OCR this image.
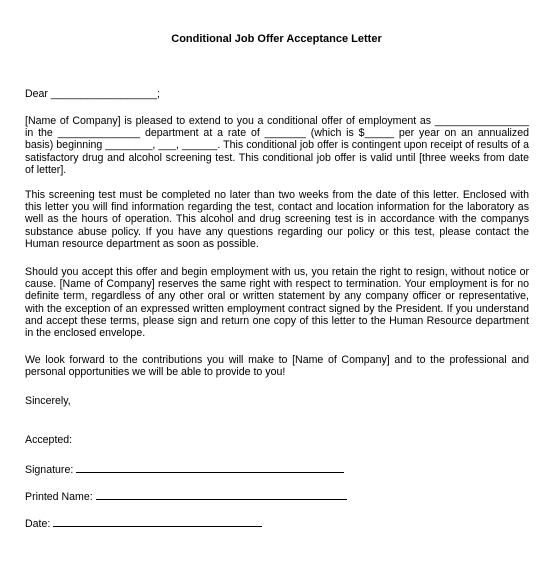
Conditional Job Offer Acceptance Letter
Dear __________________;

[Name of Company] is pleased to extend to you a conditional offer of employment as ________________ in the ______________ department at a rate of _______ (which is $_____ per year on an annualized basis) beginning ________, ___, ______. This conditional job offer is contingent upon receipt of results of a satisfactory drug and alcohol screening test. This conditional job offer is valid until [three weeks from date of letter].

This screening test must be completed no later than two weeks from the date of this letter. Enclosed with this letter you will find information regarding the test, contact and location information for the laboratory as well as the hours of operation. This alcohol and drug screening test is in accordance with the companys substance abuse policy. If you have any questions regarding our policy or this test, please contact the Human resource department as soon as possible.

Should you accept this offer and begin employment with us, you retain the right to resign, without notice or cause. [Name of Company] reserves the same right with respect to termination. Your employment is for no definite term, regardless of any other oral or written statement by any company officer or representative, with the exception of an expressed written employment contract signed by the President. If you understand and accept these terms, please sign and return one copy of this letter to the Human Resource department in the enclosed envelope.

We look forward to the contributions you will make to [Name of Company] and to the professional and personal opportunities we will be able to provide to you!

Sincerely,
Accepted:
Signature:
Printed Name:
Date:
